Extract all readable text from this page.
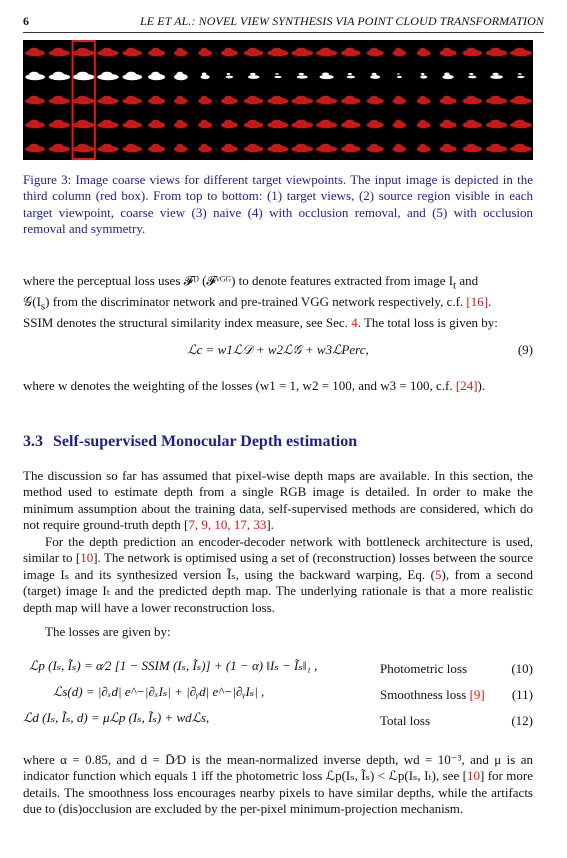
6	LE ET AL.: NOVEL VIEW SYNTHESIS VIA POINT CLOUD TRANSFORMATION
Figure 3: Image coarse views for different target viewpoints. The input image is depicted in the third column (red box). From top to bottom: (1) target views, (2) source region visible in each target viewpoint, coarse view (3) naive (4) with occlusion removal, and (5) with occlusion removal and symmetry.
where the perceptual loss uses 𝓕ᴰ (𝓕ᵛᴳᴳ) to denote features extracted from image $I_t$ and
$𝒢(I_s)$ from the discriminator network and pre-trained VGG network respectively, c.f. [16].
SSIM denotes the structural similarity index measure, see Sec. 4. The total loss is given by:
ℒc = w1ℒ𝒟 + w2ℒ𝒢 + w3ℒPerc,	(9)
where w denotes the weighting of the losses (w1 = 1, w2 = 100, and w3 = 100, c.f. [24]).
3.3 Self-supervised Monocular Depth estimation
The discussion so far has assumed that pixel-wise depth maps are available. In this section, the method used to estimate depth from a single RGB image is detailed. In order to make the minimum assumption about the training data, self-supervised methods are considered, which do not require ground-truth depth [7, 9, 10, 17, 33].
For the depth prediction an encoder-decoder network with bottleneck architecture is used, similar to [10]. The network is optimised using a set of (reconstruction) losses between the source image Iₛ and its synthesized version Ĩₛ, using the backward warping, Eq. (5), from a second (target) image Iₜ and the predicted depth map. The underlying rationale is that a more realistic depth map will have a lower reconstruction loss.
The losses are given by:
ℒp (Iₛ, Ĩₛ) = α⁄2 [1 − SSIM (Iₛ, Ĩₛ)] + (1 − α) ‖Iₛ − Ĩₛ‖₁ ,	Photometric loss	(10)
ℒs(d) = |∂ₓd| e^−|∂ₓIₛ| + |∂ᵧd| e^−|∂ᵧIₛ| ,	Smoothness loss [9] (11)
ℒd (Iₛ, Ĩₛ, d) = μℒp (Iₛ, Ĩₛ) + wdℒs,	Total loss	(12)
where α = 0.85, and d = D̄⁄D is the mean-normalized inverse depth, wd = 10⁻³, and μ is an indicator function which equals 1 iff the photometric loss ℒp(Iₛ, Ĩₛ) < ℒp(Iₛ, Iₜ), see [10] for more details. The smoothness loss encourages nearby pixels to have similar depths, while the artifacts due to (dis)occlusion are excluded by the per-pixel minimum-projection mechanism.
